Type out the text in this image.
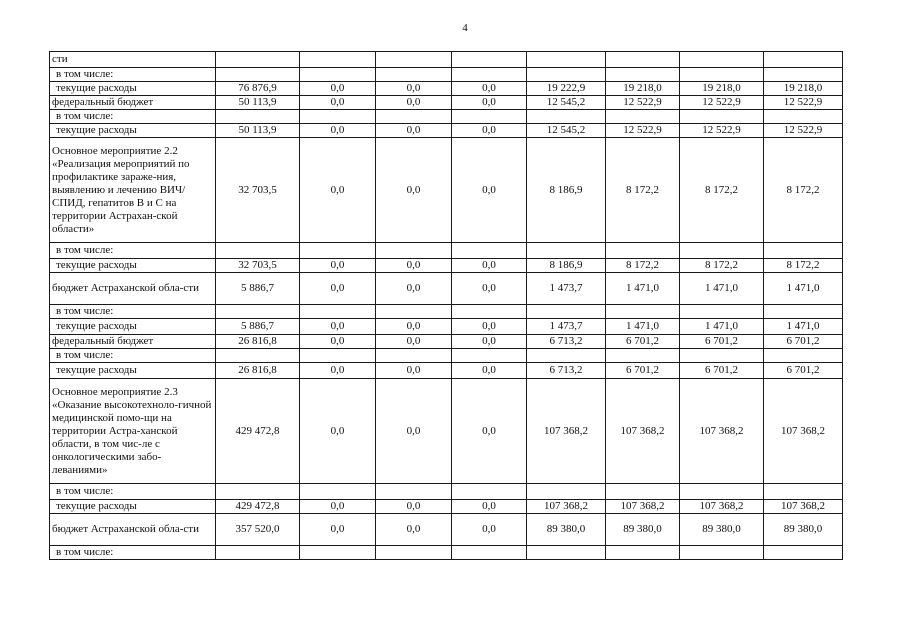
4
сти								
в том числе:								
текущие расходы	76 876,9	0,0	0,0	0,0	19 222,9	19 218,0	19 218,0	19 218,0
федеральный бюджет	50 113,9	0,0	0,0	0,0	12 545,2	12 522,9	12 522,9	12 522,9
в том числе:								
текущие расходы	50 113,9	0,0	0,0	0,0	12 545,2	12 522,9	12 522,9	12 522,9
Основное мероприятие 2.2 «Реализация мероприятий по профилактике зараже-ния, выявлению и лечению ВИЧ/СПИД, гепатитов В и С на территории Астрахан-ской области»	32 703,5	0,0	0,0	0,0	8 186,9	8 172,2	8 172,2	8 172,2
в том числе:								
текущие расходы	32 703,5	0,0	0,0	0,0	8 186,9	8 172,2	8 172,2	8 172,2
бюджет Астраханской обла-сти	5 886,7	0,0	0,0	0,0	1 473,7	1 471,0	1 471,0	1 471,0
в том числе:								
текущие расходы	5 886,7	0,0	0,0	0,0	1 473,7	1 471,0	1 471,0	1 471,0
федеральный бюджет	26 816,8	0,0	0,0	0,0	6 713,2	6 701,2	6 701,2	6 701,2
в том числе:								
текущие расходы	26 816,8	0,0	0,0	0,0	6 713,2	6 701,2	6 701,2	6 701,2
Основное мероприятие 2.3 «Оказание высокотехноло-гичной медицинской помо-щи на территории Астра-ханской области, в том чис-ле с онкологическими забо-леваниями»	429 472,8	0,0	0,0	0,0	107 368,2	107 368,2	107 368,2	107 368,2
в том числе:								
текущие расходы	429 472,8	0,0	0,0	0,0	107 368,2	107 368,2	107 368,2	107 368,2
бюджет Астраханской обла-сти	357 520,0	0,0	0,0	0,0	89 380,0	89 380,0	89 380,0	89 380,0
в том числе:								
